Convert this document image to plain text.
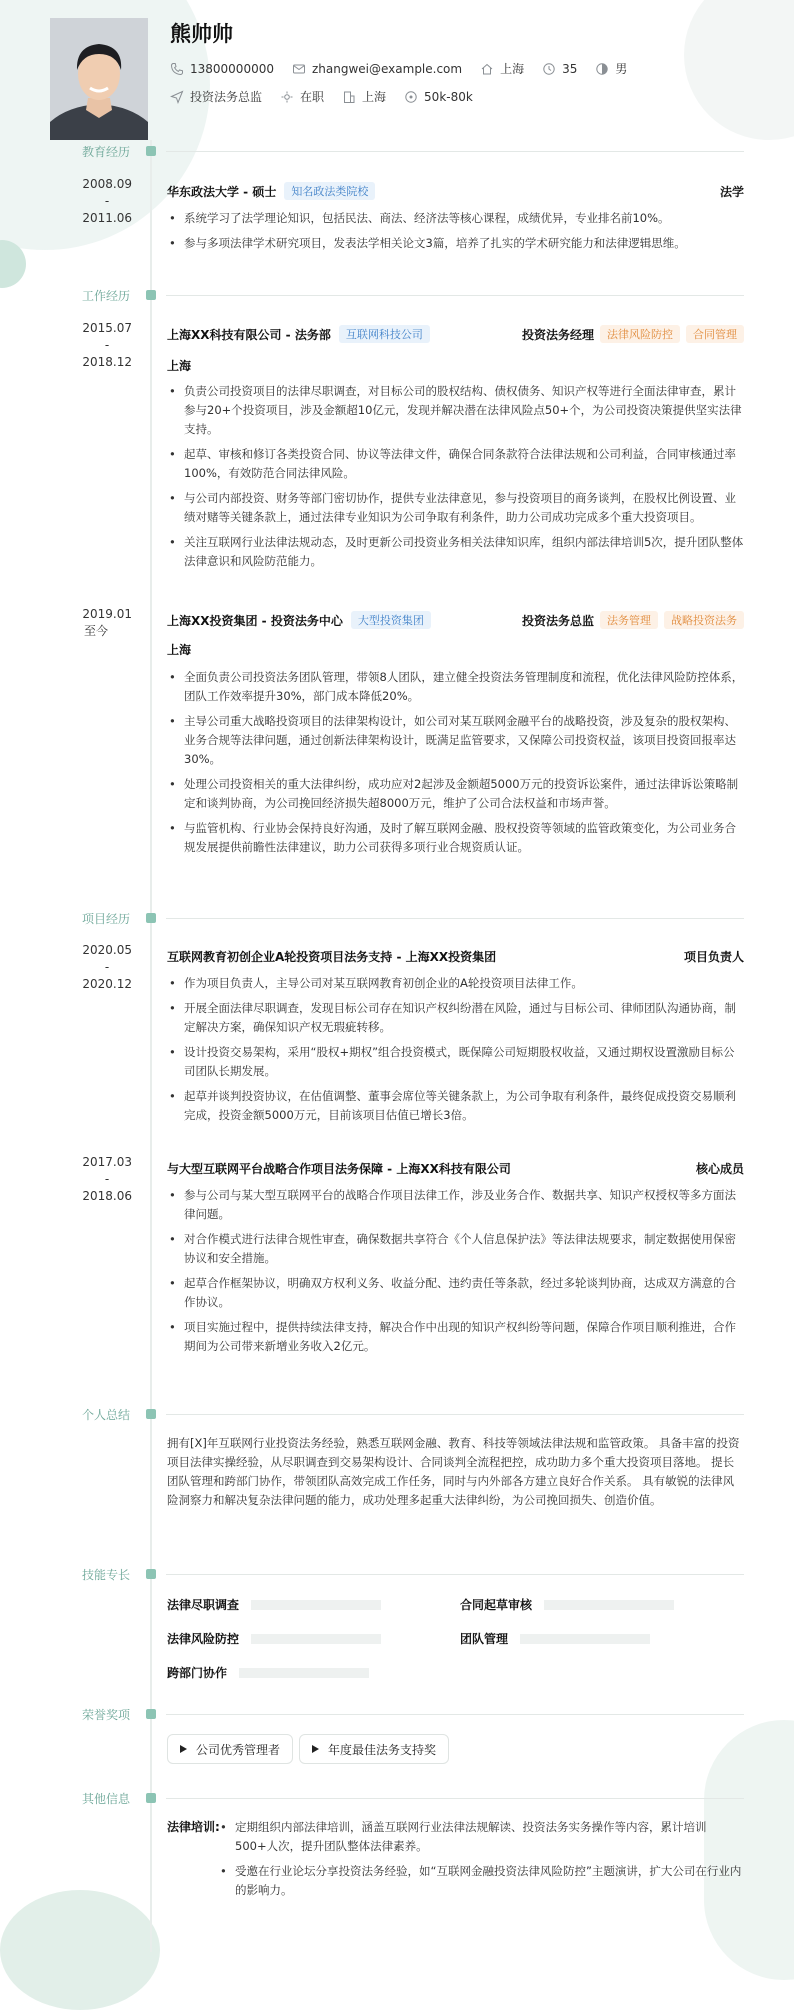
熊帅帅
13800000000	zhangwei@example.com	上海	35	男
投资法务总监	在职	上海	50k-80k
教育经历
2008.09
-
2011.06
华东政法大学 - 硕士	知名政法类院校	法学
• 系统学习了法学理论知识，包括民法、商法、经济法等核心课程，成绩优异，专业排名前10%。
• 参与多项法律学术研究项目，发表法学相关论文3篇，培养了扎实的学术研究能力和法律逻辑思维。
工作经历
2015.07
-
2018.12
上海XX科技有限公司 - 法务部	互联网科技公司	投资法务经理	法律风险防控	合同管理
上海
• 负责公司投资项目的法律尽职调查，对目标公司的股权结构、债权债务、知识产权等进行全面法律审查，累计参与20+个投资项目，涉及金额超10亿元，发现并解决潜在法律风险点50+个，为公司投资决策提供坚实法律支持。
• 起草、审核和修订各类投资合同、协议等法律文件，确保合同条款符合法律法规和公司利益，合同审核通过率100%，有效防范合同法律风险。
• 与公司内部投资、财务等部门密切协作，提供专业法律意见，参与投资项目的商务谈判，在股权比例设置、业绩对赌等关键条款上，通过法律专业知识为公司争取有利条件，助力公司成功完成多个重大投资项目。
• 关注互联网行业法律法规动态，及时更新公司投资业务相关法律知识库，组织内部法律培训5次，提升团队整体法律意识和风险防范能力。
2019.01

至今
上海XX投资集团 - 投资法务中心	大型投资集团	投资法务总监	法务管理	战略投资法务
上海
• 全面负责公司投资法务团队管理，带领8人团队，建立健全投资法务管理制度和流程，优化法律风险防控体系，团队工作效率提升30%，部门成本降低20%。
• 主导公司重大战略投资项目的法律架构设计，如公司对某互联网金融平台的战略投资，涉及复杂的股权架构、业务合规等法律问题，通过创新法律架构设计，既满足监管要求，又保障公司投资权益，该项目投资回报率达30%。
• 处理公司投资相关的重大法律纠纷，成功应对2起涉及金额超5000万元的投资诉讼案件，通过法律诉讼策略制定和谈判协商，为公司挽回经济损失超8000万元，维护了公司合法权益和市场声誉。
• 与监管机构、行业协会保持良好沟通，及时了解互联网金融、股权投资等领域的监管政策变化，为公司业务合规发展提供前瞻性法律建议，助力公司获得多项行业合规资质认证。
项目经历
2020.05
-
2020.12
互联网教育初创企业A轮投资项目法务支持 - 上海XX投资集团	项目负责人
• 作为项目负责人，主导公司对某互联网教育初创企业的A轮投资项目法律工作。
• 开展全面法律尽职调查，发现目标公司存在知识产权纠纷潜在风险，通过与目标公司、律师团队沟通协商，制定解决方案，确保知识产权无瑕疵转移。
• 设计投资交易架构，采用“股权+期权”组合投资模式，既保障公司短期股权收益，又通过期权设置激励目标公司团队长期发展。
• 起草并谈判投资协议，在估值调整、董事会席位等关键条款上，为公司争取有利条件，最终促成投资交易顺利完成，投资金额5000万元，目前该项目估值已增长3倍。
2017.03
-
2018.06
与大型互联网平台战略合作项目法务保障 - 上海XX科技有限公司	核心成员
• 参与公司与某大型互联网平台的战略合作项目法律工作，涉及业务合作、数据共享、知识产权授权等多方面法律问题。
• 对合作模式进行法律合规性审查，确保数据共享符合《个人信息保护法》等法律法规要求，制定数据使用保密协议和安全措施。
• 起草合作框架协议，明确双方权利义务、收益分配、违约责任等条款，经过多轮谈判协商，达成双方满意的合作协议。
• 项目实施过程中，提供持续法律支持，解决合作中出现的知识产权纠纷等问题，保障合作项目顺利推进，合作期间为公司带来新增业务收入2亿元。
个人总结
拥有[X]年互联网行业投资法务经验，熟悉互联网金融、教育、科技等领域法律法规和监管政策。 具备丰富的投资项目法律实操经验，从尽职调查到交易架构设计、合同谈判全流程把控，成功助力多个重大投资项目落地。 提长团队管理和跨部门协作，带领团队高效完成工作任务，同时与内外部各方建立良好合作关系。 具有敏锐的法律风险洞察力和解决复杂法律问题的能力，成功处理多起重大法律纠纷，为公司挽回损失、创造价值。
技能专长
法律尽职调查	合同起草审核
法律风险防控	团队管理
跨部门协作
荣誉奖项
公司优秀管理者	年度最佳法务支持奖
其他信息
法律培训:
•	定期组织内部法律培训，涵盖互联网行业法律法规解读、投资法务实务操作等内容，累计培训500+人次，提升团队整体法律素养。
• 受邀在行业论坛分享投资法务经验，如“互联网金融投资法律风险防控”主题演讲，扩大公司在行业内的影响力。
